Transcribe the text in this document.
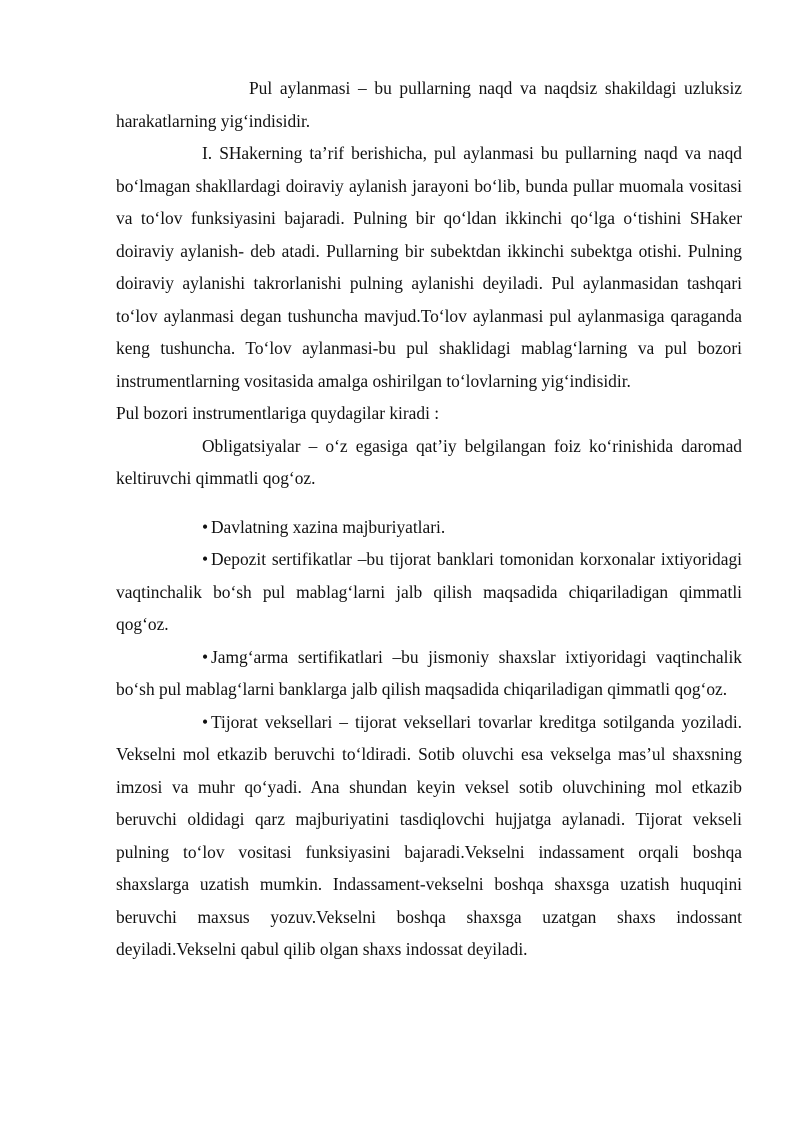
Pul aylanmasi – bu pullarning naqd va naqdsiz shakildagi uzluksiz harakatlarning yig‘indisidir.

I. SHakerning ta’rif berishicha, pul aylanmasi bu pullarning naqd va naqd bo‘lmagan shakllardagi doiraviy aylanish jarayoni bo‘lib, bunda pullar muomala vositasi va to‘lov funksiyasini bajaradi. Pulning bir qo‘ldan ikkinchi qo‘lga o‘tishini SHaker doiraviy aylanish- deb atadi. Pullarning bir subektdan ikkinchi subektga otishi. Pulning doiraviy aylanishi takrorlanishi pulning aylanishi deyiladi. Pul aylanmasidan tashqari to‘lov aylanmasi degan tushuncha mavjud.To‘lov aylanmasi pul aylanmasiga qaraganda keng tushuncha. To‘lov aylanmasi-bu pul shaklidagi mablag‘larning va pul bozori instrumentlarning vositasida amalga oshirilgan to‘lovlarning yig‘indisidir.

Pul bozori instrumentlariga quydagilar kiradi :

Obligatsiyalar – o‘z egasiga qat’iy belgilangan foiz ko‘rinishida daromad keltiruvchi qimmatli qog‘oz.

• Davlatning xazina majburiyatlari.

• Depozit sertifikatlar –bu tijorat banklari tomonidan korxonalar ixtiyoridagi vaqtinchalik bo‘sh pul mablag‘larni jalb qilish maqsadida chiqariladigan qimmatli qog‘oz.

• Jamg‘arma sertifikatlari –bu jismoniy shaxslar ixtiyoridagi vaqtinchalik bo‘sh pul mablag‘larni banklarga jalb qilish maqsadida chiqariladigan qimmatli qog‘oz.

• Tijorat veksellari – tijorat veksellari tovarlar kreditga sotilganda yoziladi. Vekselni mol etkazib beruvchi to‘ldiradi. Sotib oluvchi esa vekselga mas’ul shaxsning imzosi va muhr qo‘yadi. Ana shundan keyin veksel sotib oluvchining mol etkazib beruvchi oldidagi qarz majburiyatini tasdiqlovchi hujjatga aylanadi. Tijorat vekseli pulning to‘lov vositasi funksiyasini bajaradi.Vekselni indassament orqali boshqa shaxslarga uzatish mumkin. Indassament-vekselni boshqa shaxsga uzatish huquqini beruvchi maxsus yozuv.Vekselni boshqa shaxsga uzatgan shaxs indossant deyiladi.Vekselni qabul qilib olgan shaxs indossat deyiladi.
